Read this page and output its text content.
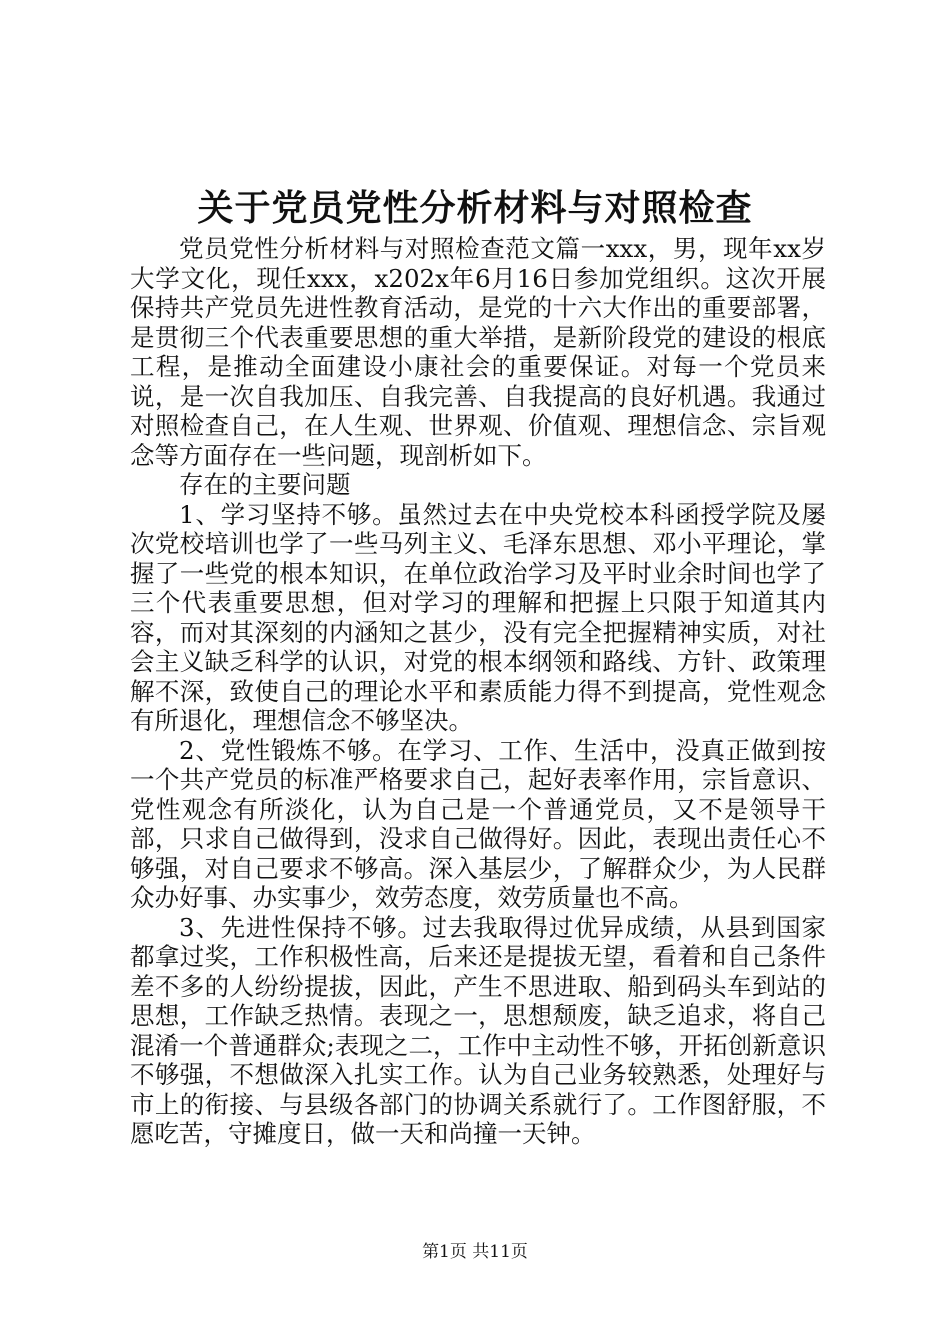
关于党员党性分析材料与对照检查

党员党性分析材料与对照检查范文篇一xxx，男，现年xx岁大学文化，现任xxx，x202x年6月16日参加党组织。这次开展保持共产党员先进性教育活动，是党的十六大作出的重要部署，是贯彻三个代表重要思想的重大举措，是新阶段党的建设的根底工程，是推动全面建设小康社会的重要保证。对每一个党员来说，是一次自我加压、自我完善、自我提高的良好机遇。我通过对照检查自己，在人生观、世界观、价值观、理想信念、宗旨观念等方面存在一些问题，现剖析如下。

存在的主要问题

1、学习坚持不够。虽然过去在中央党校本科函授学院及屡次党校培训也学了一些马列主义、毛泽东思想、邓小平理论，掌握了一些党的根本知识，在单位政治学习及平时业余时间也学了三个代表重要思想，但对学习的理解和把握上只限于知道其内容，而对其深刻的内涵知之甚少，没有完全把握精神实质，对社会主义缺乏科学的认识，对党的根本纲领和路线、方针、政策理解不深，致使自己的理论水平和素质能力得不到提高，党性观念有所退化，理想信念不够坚决。

2、党性锻炼不够。在学习、工作、生活中，没真正做到按一个共产党员的标准严格要求自己，起好表率作用，宗旨意识、党性观念有所淡化，认为自己是一个普通党员，又不是领导干部，只求自己做得到，没求自己做得好。因此，表现出责任心不够强，对自己要求不够高。深入基层少，了解群众少，为人民群众办好事、办实事少，效劳态度，效劳质量也不高。

3、先进性保持不够。过去我取得过优异成绩，从县到国家都拿过奖，工作积极性高，后来还是提拔无望，看着和自己条件差不多的人纷纷提拔，因此，产生不思进取、船到码头车到站的思想，工作缺乏热情。表现之一，思想颓废，缺乏追求，将自己混淆一个普通群众;表现之二，工作中主动性不够，开拓创新意识不够强，不想做深入扎实工作。认为自己业务较熟悉，处理好与市上的衔接、与县级各部门的协调关系就行了。工作图舒服，不愿吃苦，守摊度日，做一天和尚撞一天钟。

第1页 共11页
